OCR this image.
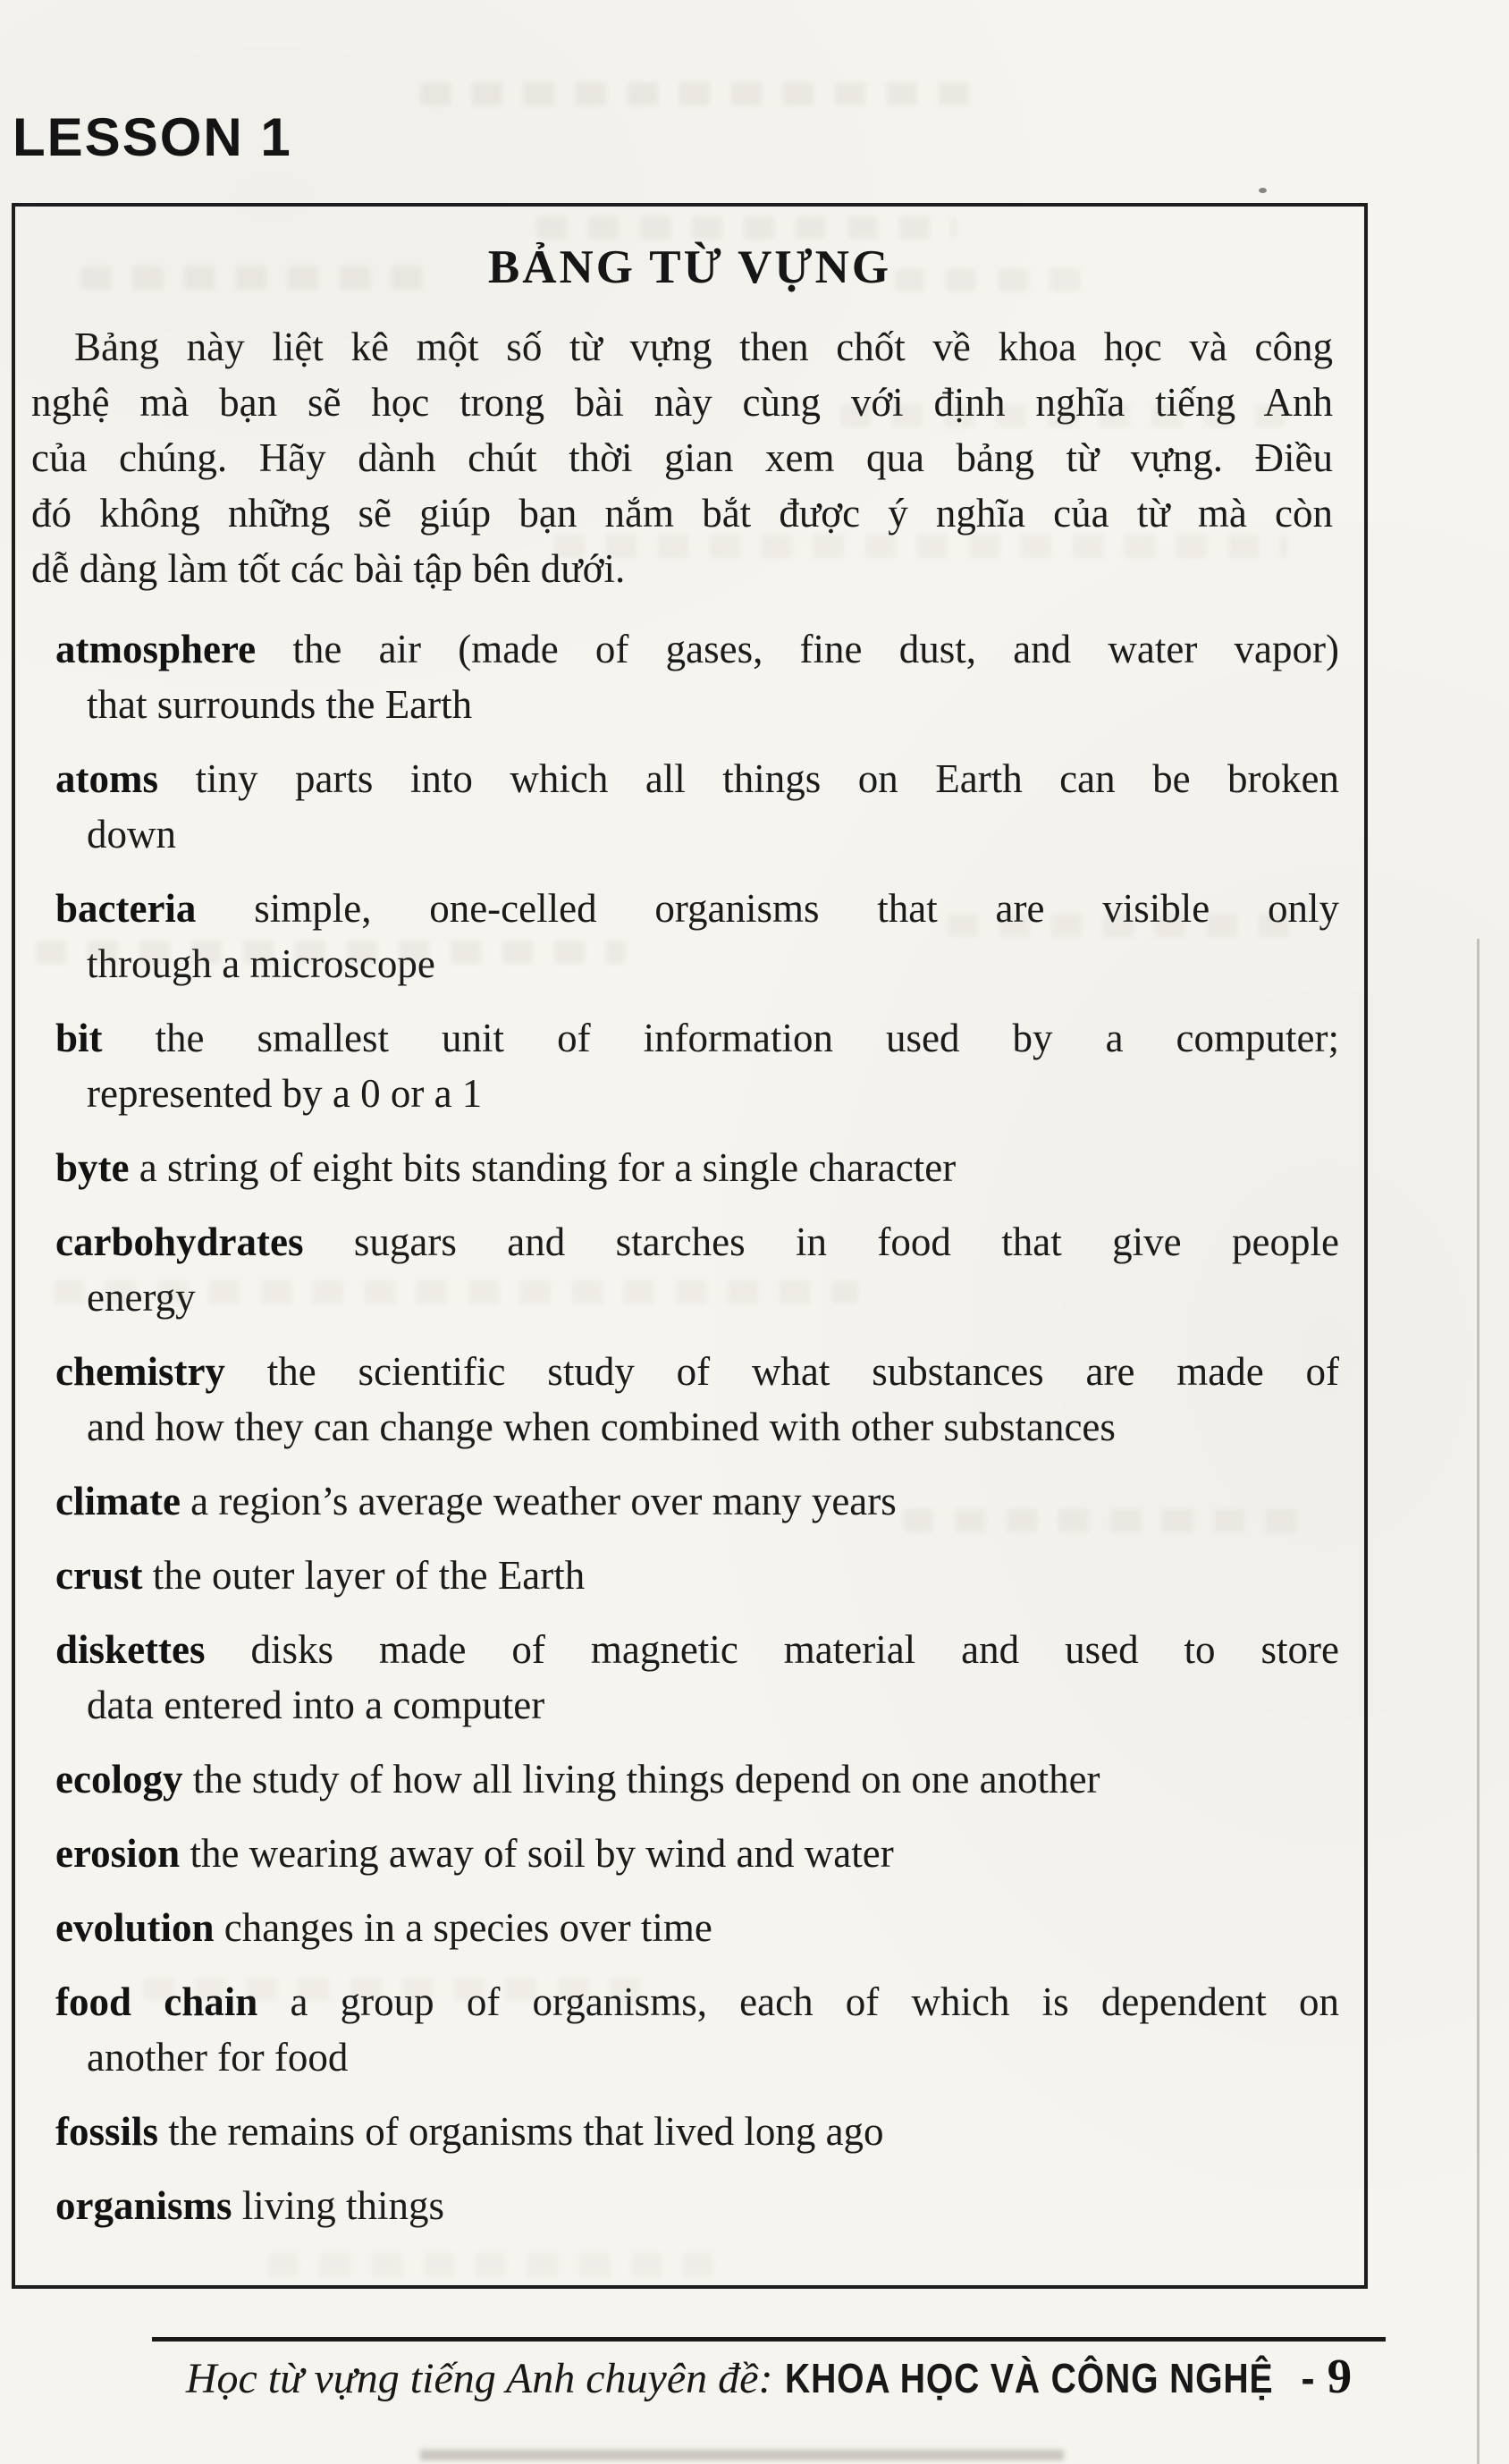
LESSON 1
BẢNG TỪ VỰNG
Bảng này liệt kê một số từ vựng then chốt về khoa học và công
nghệ mà bạn sẽ học trong bài này cùng với định nghĩa tiếng Anh
của chúng. Hãy dành chút thời gian xem qua bảng từ vựng. Điều
đó không những sẽ giúp bạn nắm bắt được ý nghĩa của từ mà còn
dễ dàng làm tốt các bài tập bên dưới.
atmosphere the air (made of gases, fine dust, and water vapor)
that surrounds the Earth
atoms tiny parts into which all things on Earth can be broken
down
bacteria simple, one-celled organisms that are visible only
through a microscope
bit the smallest unit of information used by a computer;
represented by a 0 or a 1
byte a string of eight bits standing for a single character
carbohydrates sugars and starches in food that give people
energy
chemistry the scientific study of what substances are made of
and how they can change when combined with other substances
climate a region’s average weather over many years
crust the outer layer of the Earth
diskettes disks made of magnetic material and used to store
data entered into a computer
ecology the study of how all living things depend on one another
erosion the wearing away of soil by wind and water
evolution changes in a species over time
food chain a group of organisms, each of which is dependent on
another for food
fossils the remains of organisms that lived long ago
organisms living things
Học từ vựng tiếng Anh chuyên đề: KHOA HỌC VÀ CÔNG NGHỆ - 9
